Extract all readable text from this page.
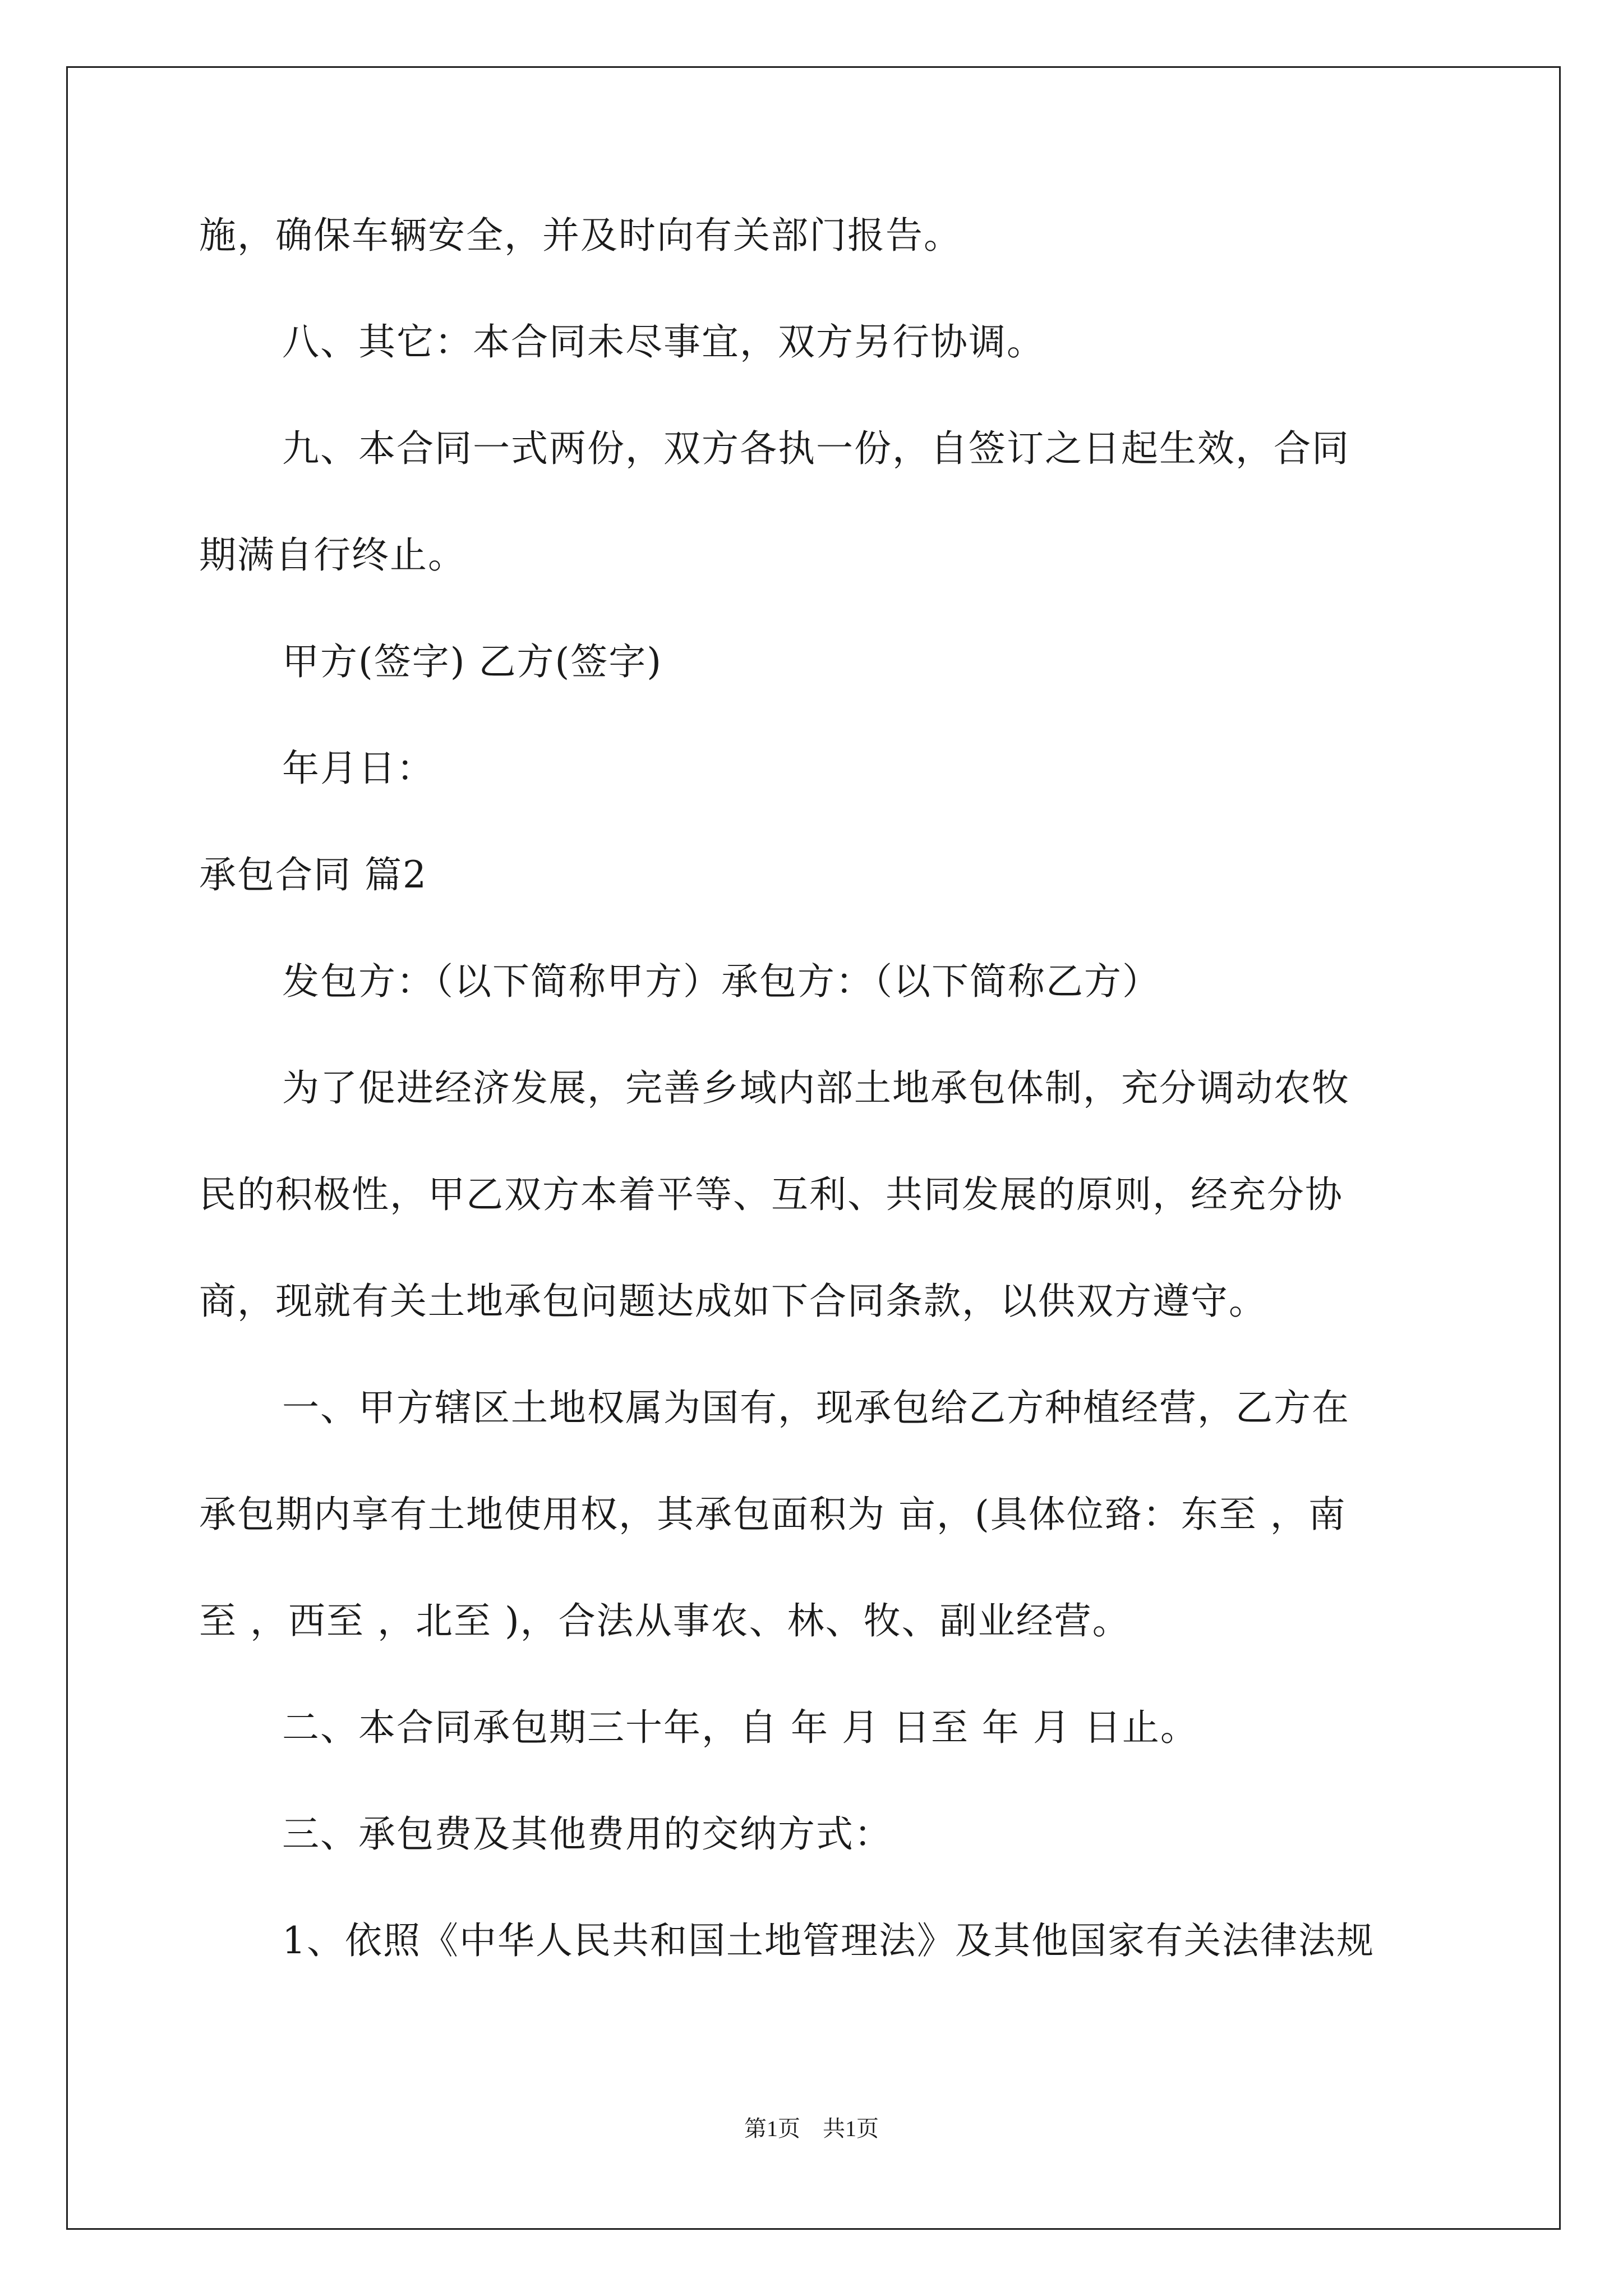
施，确保车辆安全，并及时向有关部门报告。
八、其它：本合同未尽事宜，双方另行协调。
九、本合同一式两份，双方各执一份，自签订之日起生效，合同
期满自行终止。
甲方(签字) 乙方(签字)
年月日：
承包合同 篇2
发包方：（以下简称甲方）承包方：（以下简称乙方）
为了促进经济发展，完善乡域内部土地承包体制，充分调动农牧
民的积极性，甲乙双方本着平等、互利、共同发展的原则，经充分协
商，现就有关土地承包问题达成如下合同条款，以供双方遵守。
一、甲方辖区土地权属为国有，现承包给乙方种植经营，乙方在
承包期内享有土地使用权，其承包面积为 亩，(具体位臵：东至 ，南
至 ，西至 ，北至 )，合法从事农、林、牧、副业经营。
二、本合同承包期三十年，自 年 月 日至 年 月 日止。
三、承包费及其他费用的交纳方式：
1、依照《中华人民共和国土地管理法》及其他国家有关法律法规
第1页　共1页
